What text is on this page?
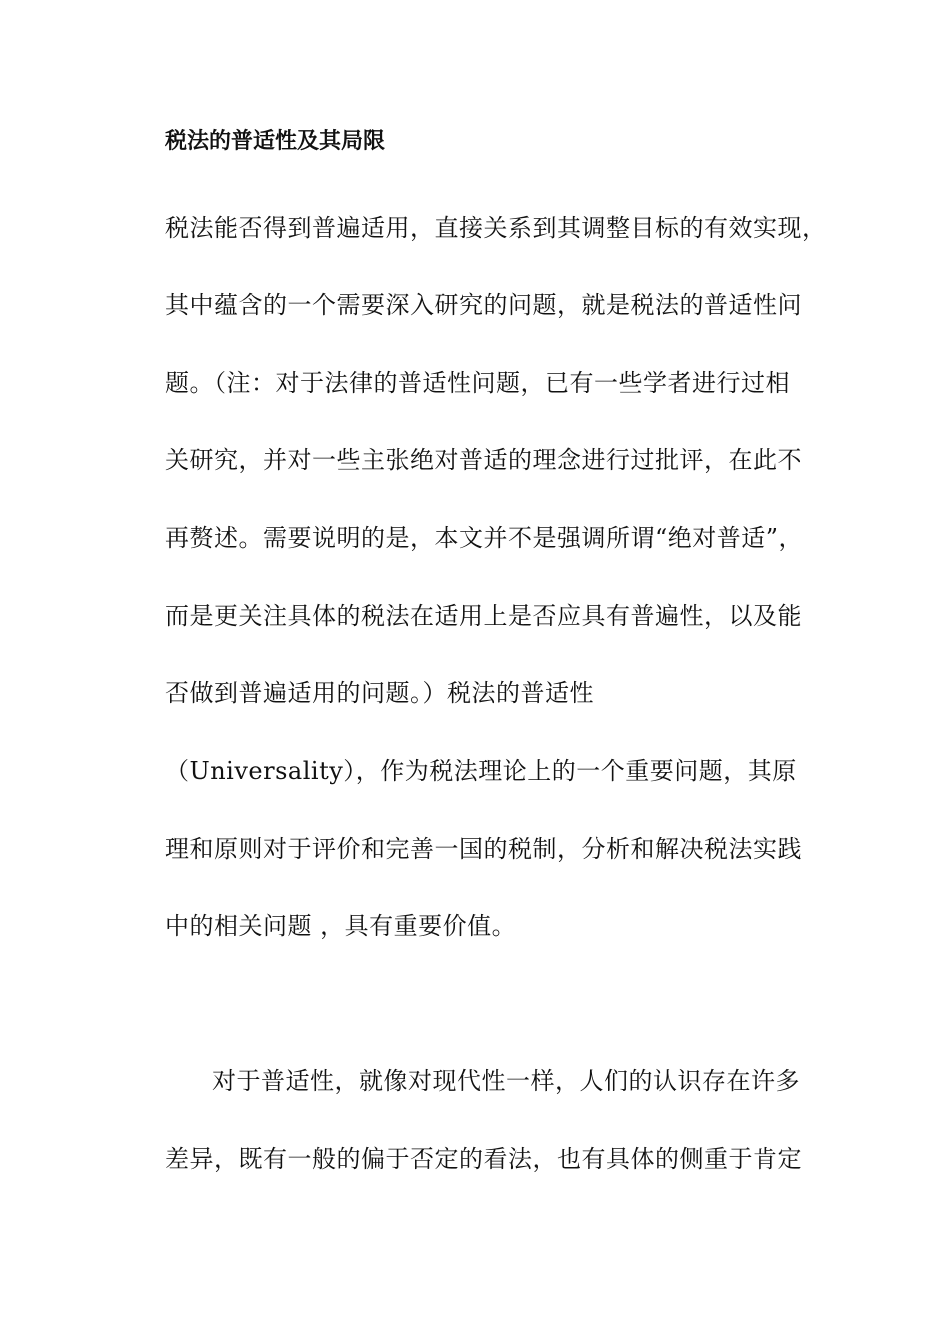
税法的普适性及其局限
税法能否得到普遍适用，直接关系到其调整目标的有效实现，
其中蕴含的一个需要深入研究的问题，就是税法的普适性问
题。（注：对于法律的普适性问题，已有一些学者进行过相
关研究，并对一些主张绝对普适的理念进行过批评，在此不
再赘述。需要说明的是，本文并不是强调所谓“绝对普适”，
而是更关注具体的税法在适用上是否应具有普遍性，以及能
否做到普遍适用的问题。）税法的普适性
（Universality），作为税法理论上的一个重要问题，其原
理和原则对于评价和完善一国的税制，分析和解决税法实践
中的相关问题 ，具有重要价值。
对于普适性，就像对现代性一样，人们的认识存在许多
差异，既有一般的偏于否定的看法，也有具体的侧重于肯定
